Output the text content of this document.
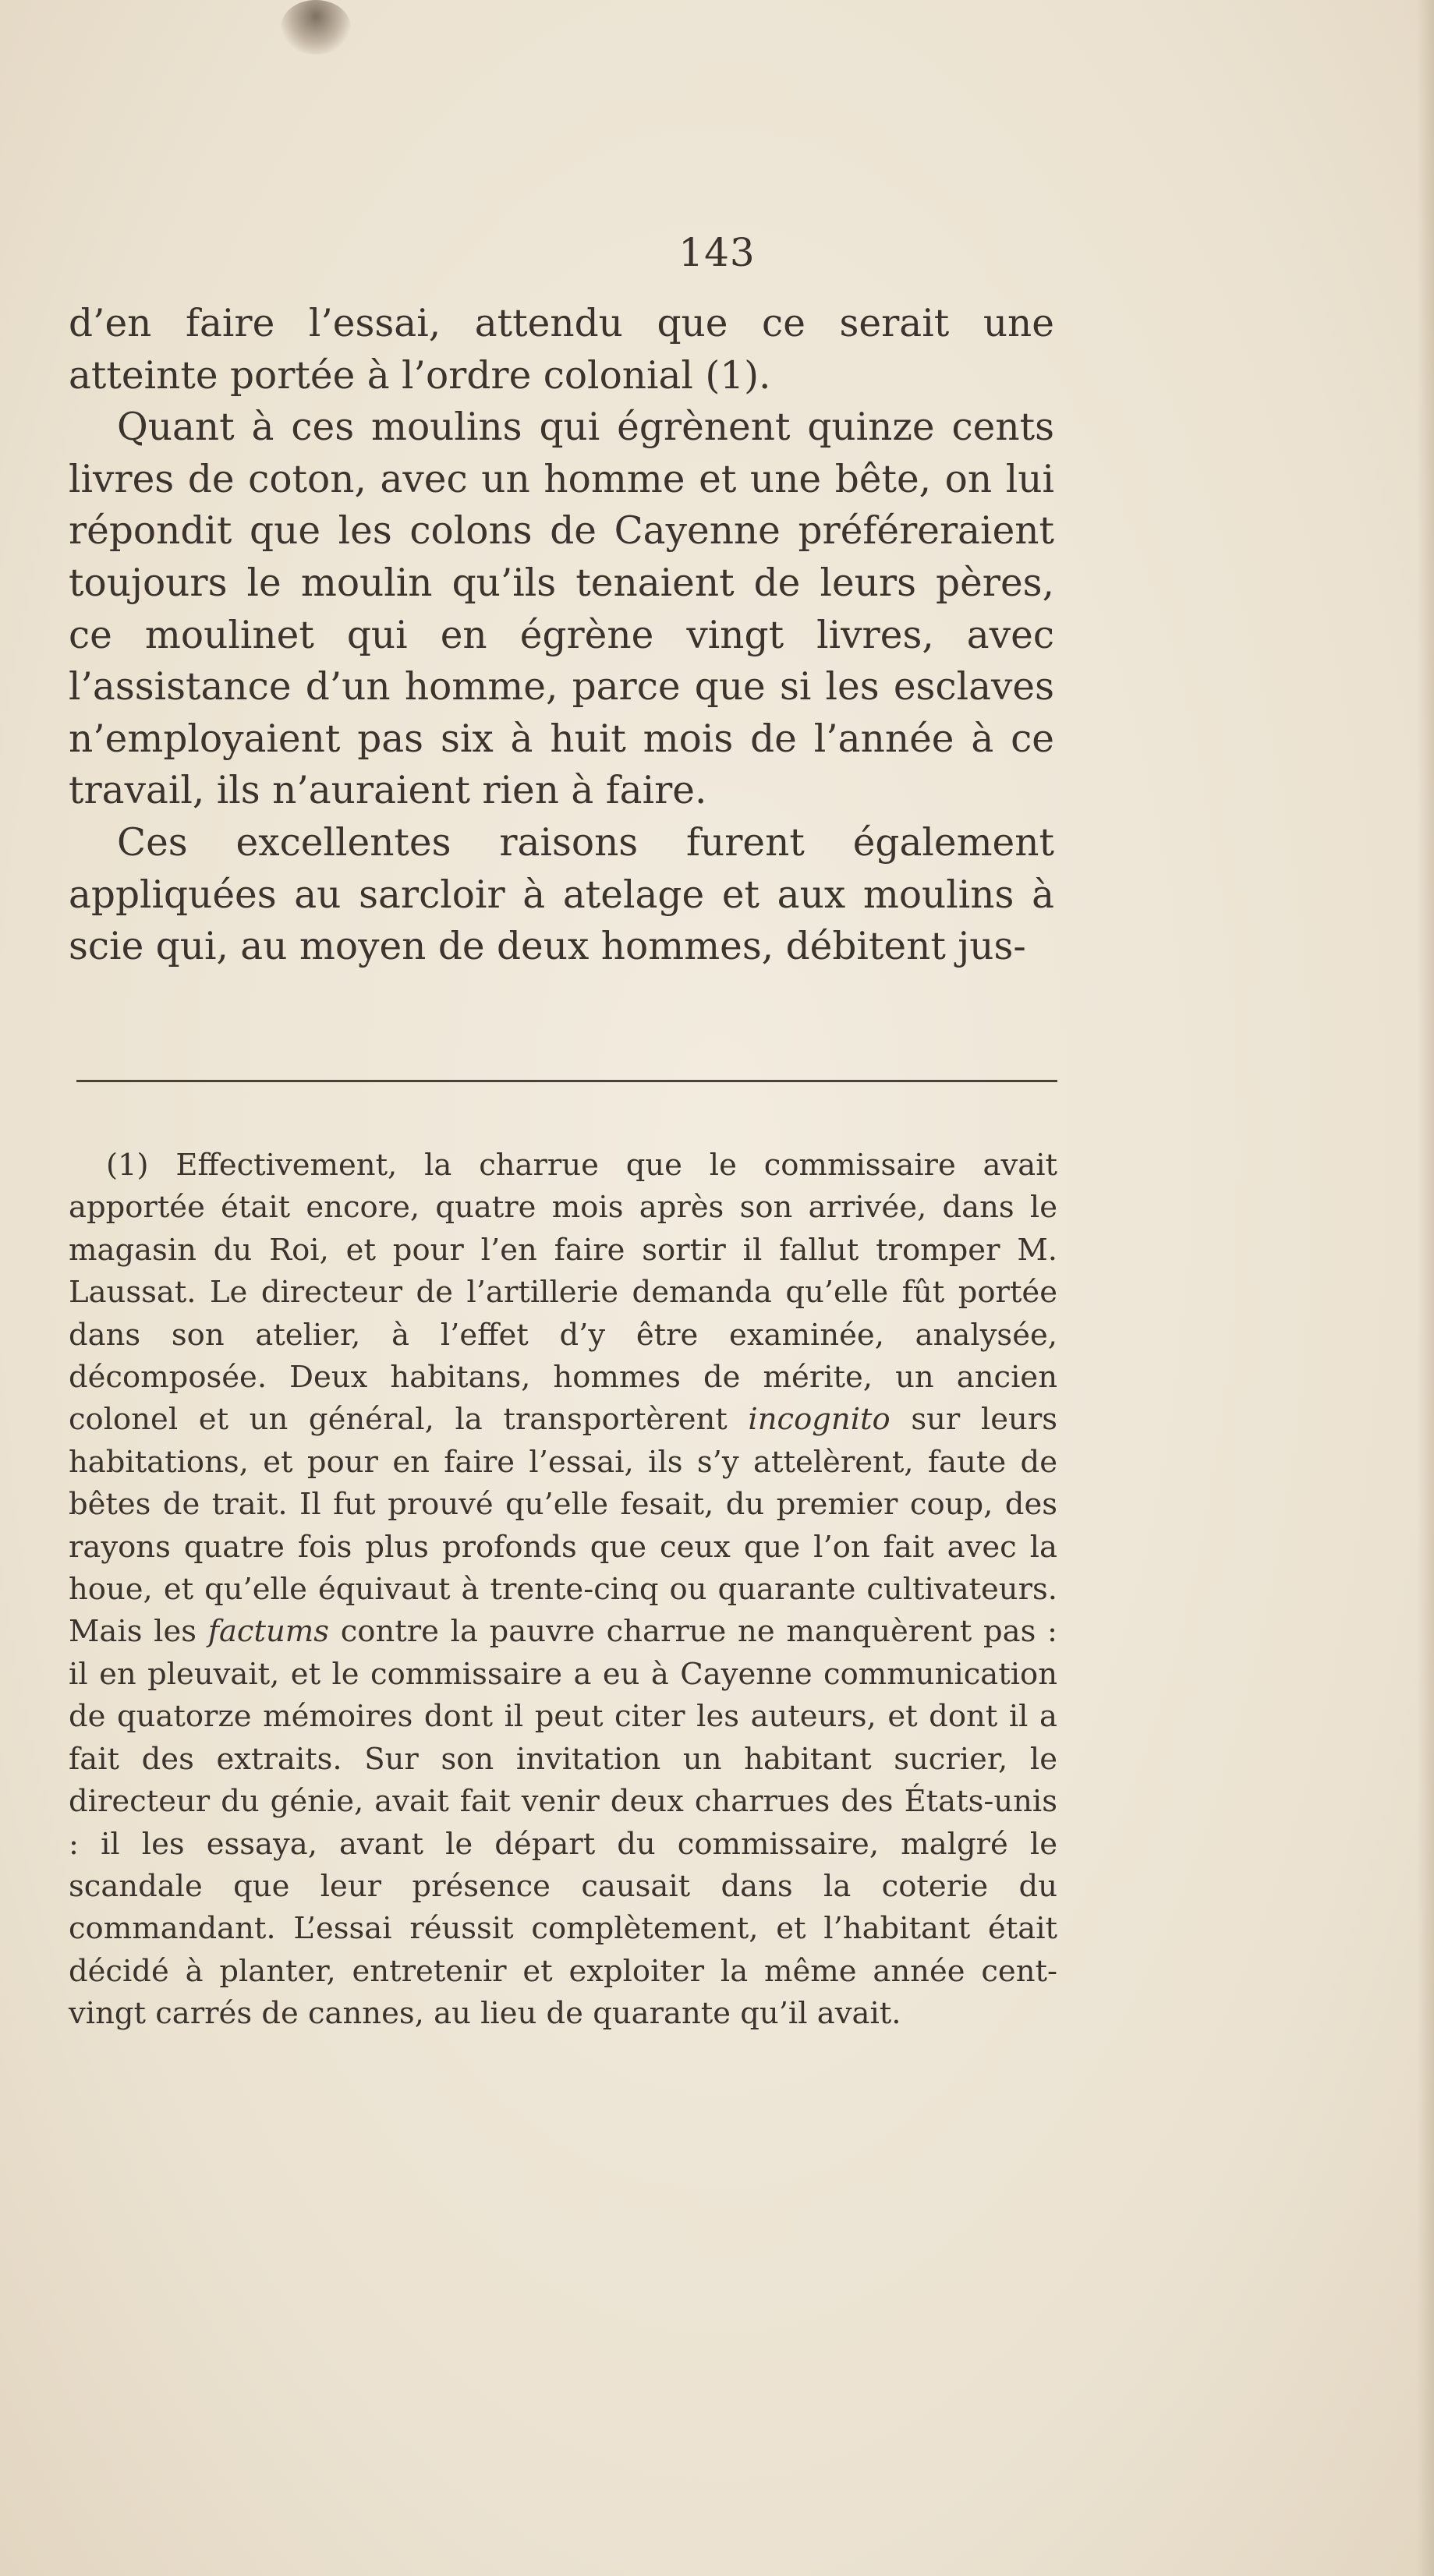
143

d’en faire l’essai, attendu que ce serait une atteinte portée à l’ordre colonial (1).

Quant à ces moulins qui égrènent quinze cents livres de coton, avec un homme et une bête, on lui répondit que les colons de Cayenne préféreraient toujours le moulin qu’ils tenaient de leurs pères, ce moulinet qui en égrène vingt livres, avec l’assistance d’un homme, parce que si les esclaves n’employaient pas six à huit mois de l’année à ce travail, ils n’auraient rien à faire.

Ces excellentes raisons furent également appliquées au sarcloir à atelage et aux moulins à scie qui, au moyen de deux hommes, débitent jus-

(1) Effectivement, la charrue que le commissaire avait apportée était encore, quatre mois après son arrivée, dans le magasin du Roi, et pour l’en faire sortir il fallut tromper M. Laussat. Le directeur de l’artillerie demanda qu’elle fût portée dans son atelier, à l’effet d’y être examinée, analysée, décomposée. Deux habitans, hommes de mérite, un ancien colonel et un général, la transportèrent incognito sur leurs habitations, et pour en faire l’essai, ils s’y attelèrent, faute de bêtes de trait. Il fut prouvé qu’elle fesait, du premier coup, des rayons quatre fois plus profonds que ceux que l’on fait avec la houe, et qu’elle équivaut à trente-cinq ou quarante cultivateurs. Mais les factums contre la pauvre charrue ne manquèrent pas : il en pleuvait, et le commissaire a eu à Cayenne communication de quatorze mémoires dont il peut citer les auteurs, et dont il a fait des extraits. Sur son invitation un habitant sucrier, le directeur du génie, avait fait venir deux charrues des États-unis : il les essaya, avant le départ du commissaire, malgré le scandale que leur présence causait dans la coterie du commandant. L’essai réussit complètement, et l’habitant était décidé à planter, entretenir et exploiter la même année cent-vingt carrés de cannes, au lieu de quarante qu’il avait.
